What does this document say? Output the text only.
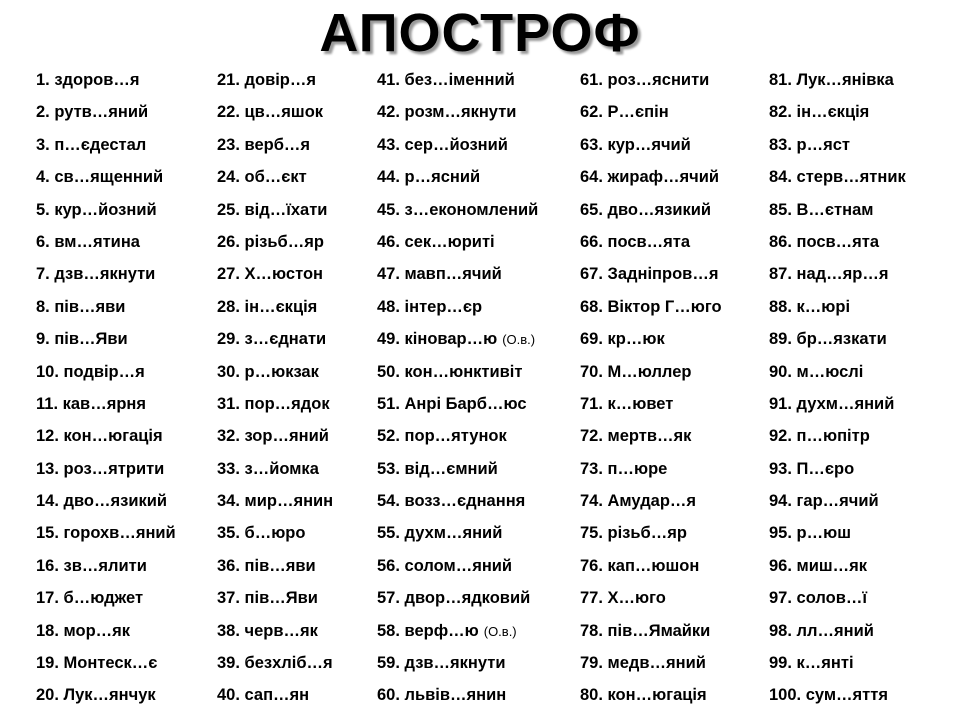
АПОСТРОФ
1. здоров…я
2. рутв…яний
3. п…єдестал
4. св…ященний
5. кур…йозний
6. вм…ятина
7. дзв…якнути
8. пів…яви
9. пів…Яви
10. подвір…я
11. кав…ярня
12. кон…югація
13. роз…ятрити
14. дво…язикий
15. горохв…яний
16. зв…ялити
17. б…юджет
18. мор…як
19. Монтеск…є
20. Лук…янчук
21. довір…я
22. цв…яшок
23. верб…я
24. об…єкт
25. від…їхати
26. різьб…яр
27. Х…юстон
28. ін…єкція
29. з…єднати
30. р…юкзак
31. пор…ядок
32. зор…яний
33. з…йомка
34. мир…янин
35. б…юро
36. пів…яви
37. пів…Яви
38. черв…як
39. безхліб…я
40. сап…ян
41. без…іменний
42. розм…якнути
43. сер…йозний
44. р…ясний
45. з…економлений
46. сек…юриті
47. мавп…ячий
48. інтер…єр
49. кіновар…ю (О.в.)
50. кон…юнктивіт
51. Анрі Барб…юс
52. пор…ятунок
53. від…ємний
54. возз…єднання
55. духм…яний
56. солом…яний
57. двор…ядковий
58. верф…ю (О.в.)
59. дзв…якнути
60. львів…янин
61. роз…яснити
62. Р…єпін
63. кур…ячий
64. жираф…ячий
65. дво…язикий
66. посв…ята
67. Задніпров…я
68. Віктор Г…юго
69. кр…юк
70. М…юллер
71. к…ювет
72. мертв…як
73. п…юре
74. Амудар…я
75. різьб…яр
76. кап…юшон
77. Х…юго
78. пів…Ямайки
79. медв…яний
80. кон…югація
81. Лук…янівка
82. ін…єкція
83. р…яст
84. стерв…ятник
85. В…єтнам
86. посв…ята
87. над…яр…я
88. к…юрі
89. бр…язкати
90. м…юслі
91. духм…яний
92. п…юпітр
93. П…єро
94. гар…ячий
95. р…юш
96. миш…як
97. солов…ї
98. лл…яний
99. к…янті
100. сум…яття
